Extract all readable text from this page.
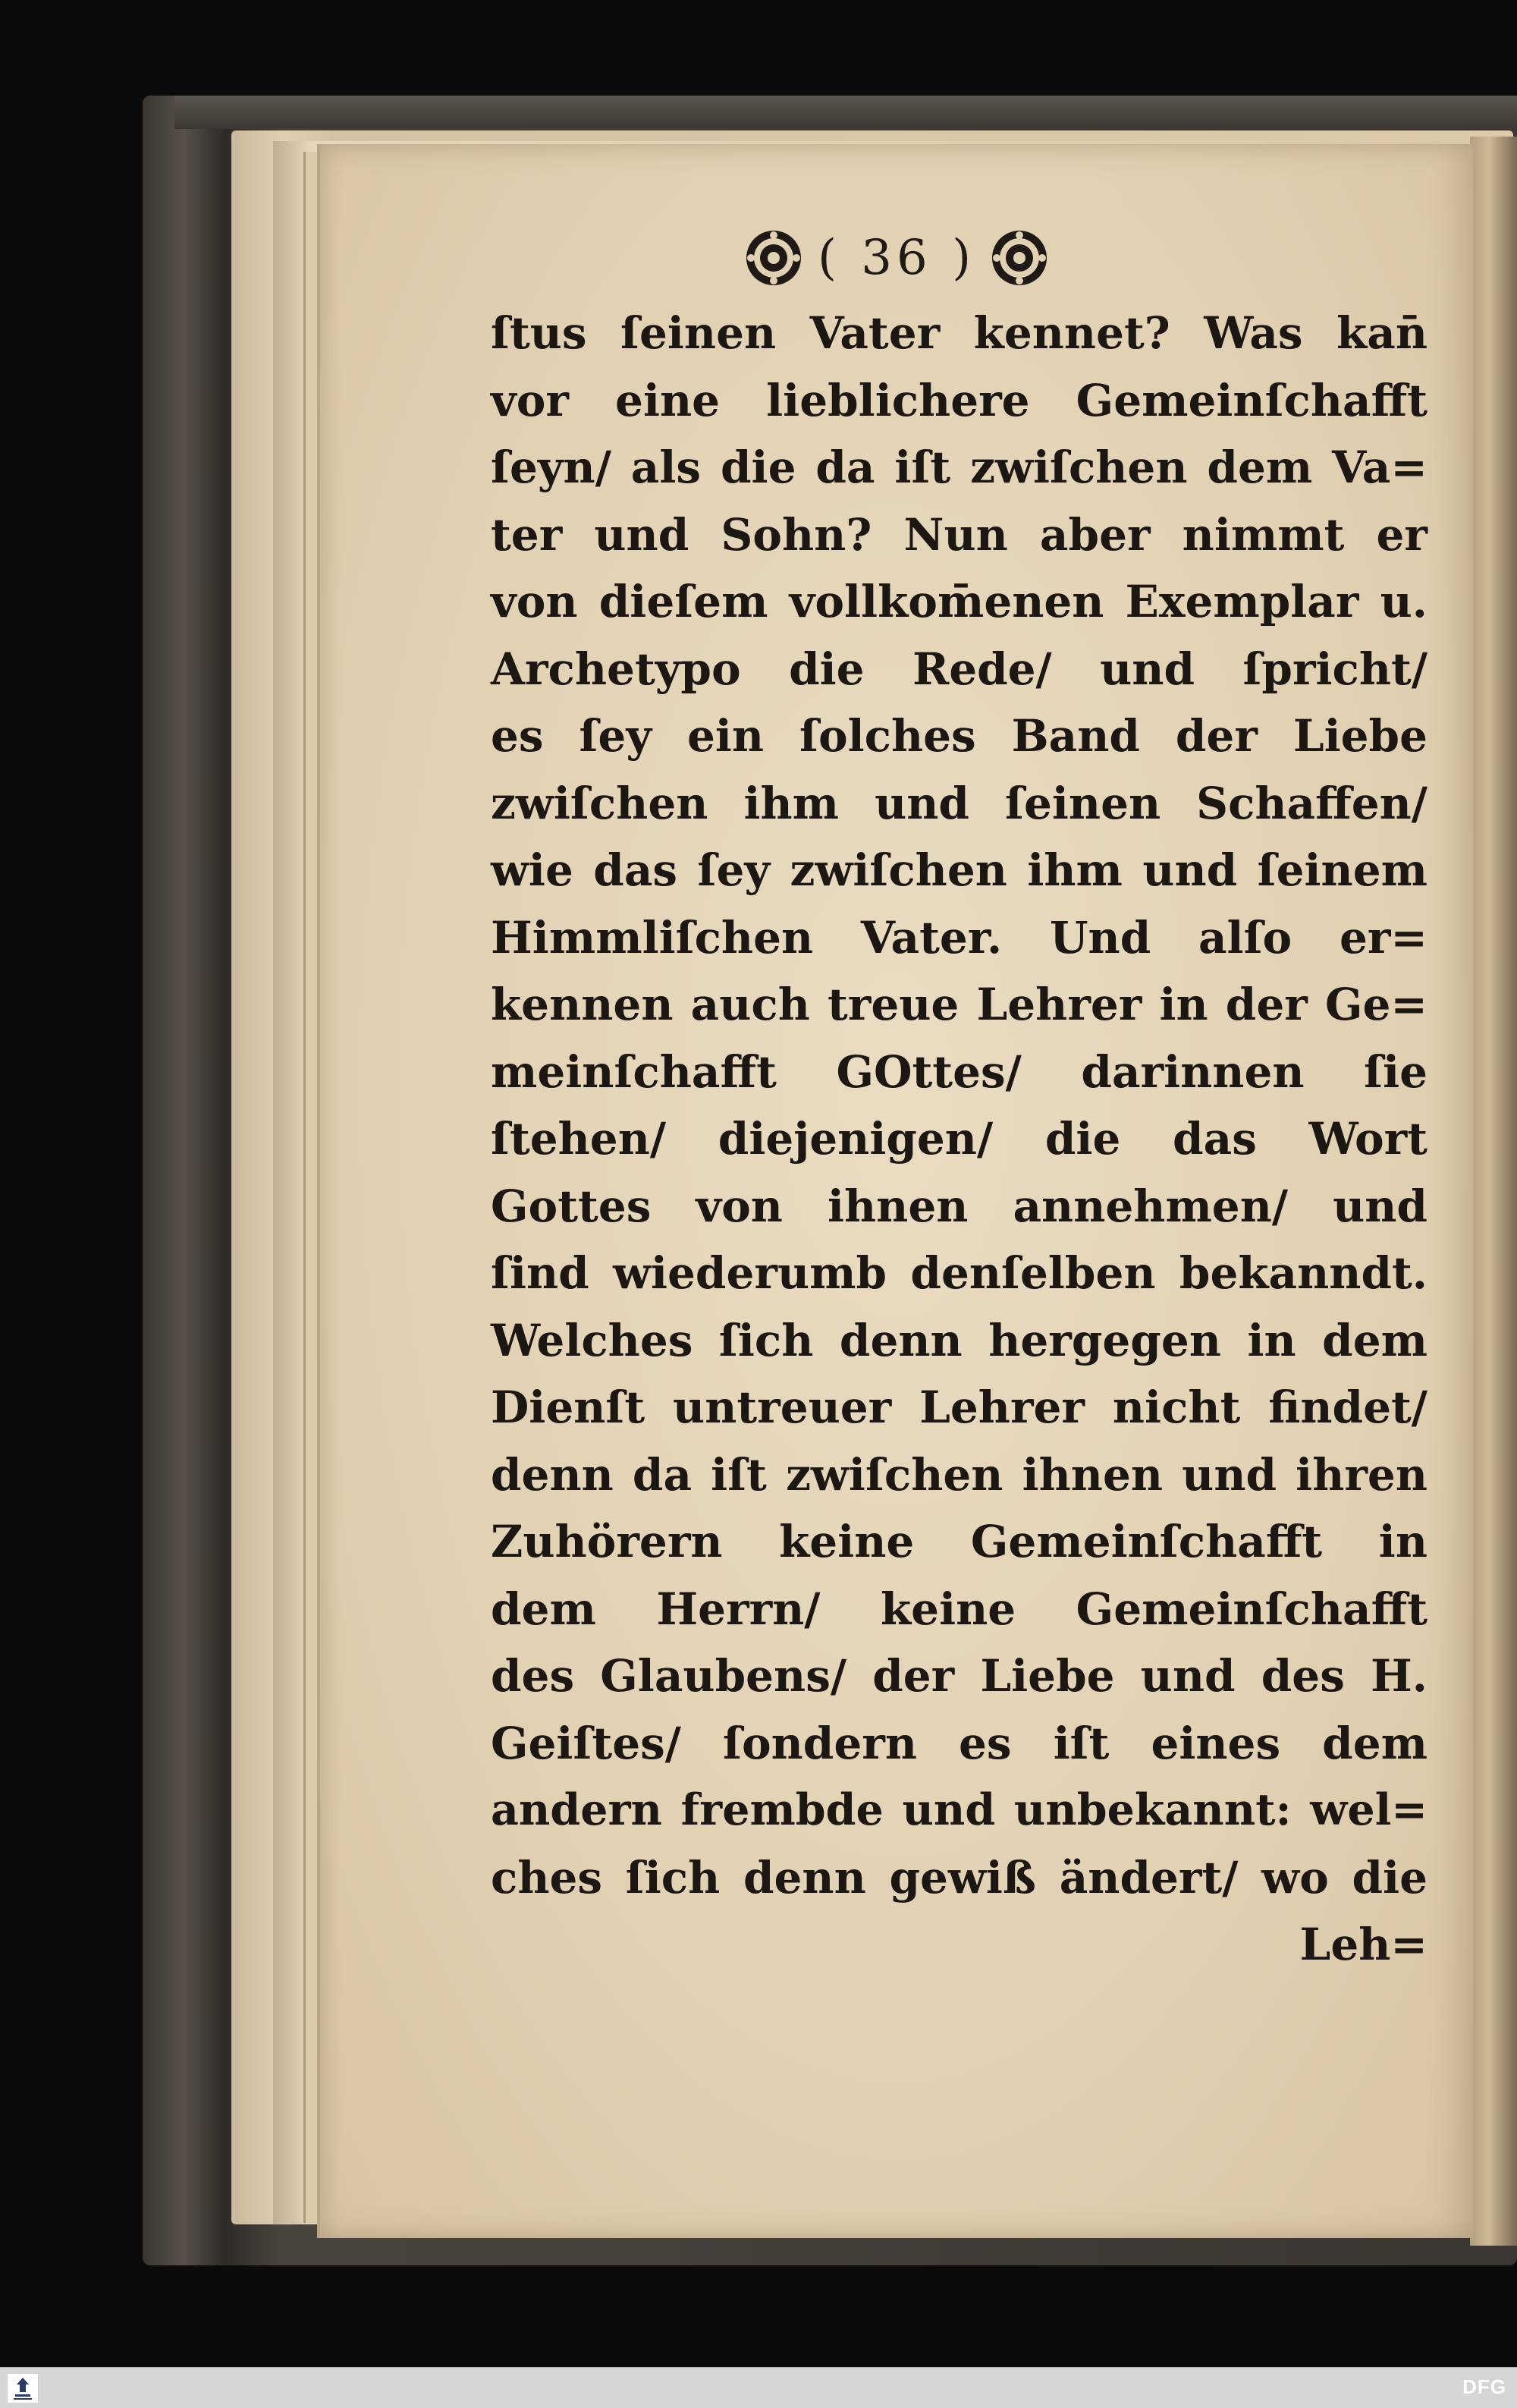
( 36 )
ſtus ſeinen Vater kennet? Was kan̄
vor eine lieblichere Gemeinſchafft
ſeyn/ als die da iſt zwiſchen dem Va=
ter und Sohn? Nun aber nimmt er
von dieſem vollkom̄enen Exemplar u.
Archetypo die Rede/ und ſpricht/
es ſey ein ſolches Band der Liebe
zwiſchen ihm und ſeinen Schaffen/
wie das ſey zwiſchen ihm und ſeinem
Himmliſchen Vater. Und alſo er=
kennen auch treue Lehrer in der Ge=
meinſchafft GOttes/ darinnen ſie
ſtehen/ diejenigen/ die das Wort
Gottes von ihnen annehmen/ und
ſind wiederumb denſelben bekanndt.
Welches ſich denn hergegen in dem
Dienſt untreuer Lehrer nicht findet/
denn da iſt zwiſchen ihnen und ihren
Zuhörern keine Gemeinſchafft in
dem Herrn/ keine Gemeinſchafft
des Glaubens/ der Liebe und des H.
Geiſtes/ ſondern es iſt eines dem
andern frembde und unbekannt: wel=
ches ſich denn gewiß ändert/ wo die
Leh=
DFG
